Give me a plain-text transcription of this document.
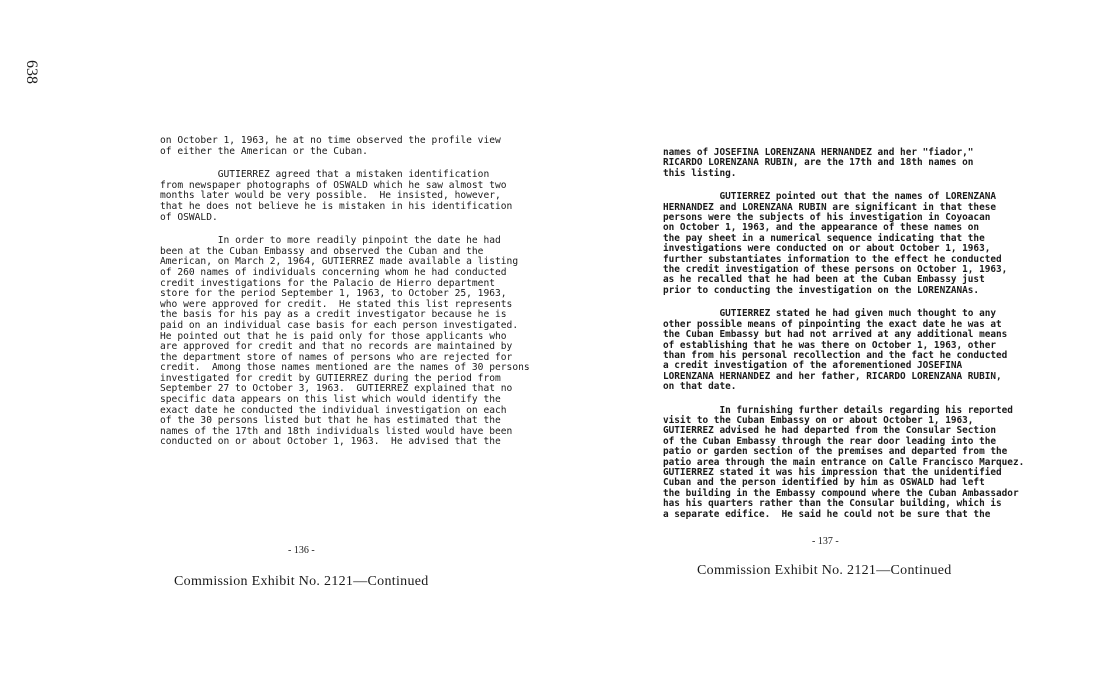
638

on October 1, 1963, he at no time observed the profile view
of either the American or the Cuban.

GUTIERREZ agreed that a mistaken identification
from newspaper photographs of OSWALD which he saw almost two
months later would be very possible.  He insisted, however,
that he does not believe he is mistaken in his identification
of OSWALD.

In order to more readily pinpoint the date he had
been at the Cuban Embassy and observed the Cuban and the
American, on March 2, 1964, GUTIERREZ made available a listing
of 260 names of individuals concerning whom he had conducted
credit investigations for the Palacio de Hierro department
store for the period September 1, 1963, to October 25, 1963,
who were approved for credit.  He stated this list represents
the basis for his pay as a credit investigator because he is
paid on an individual case basis for each person investigated.
He pointed out that he is paid only for those applicants who
are approved for credit and that no records are maintained by
the department store of names of persons who are rejected for
credit.  Among those names mentioned are the names of 30 persons
investigated for credit by GUTIERREZ during the period from
September 27 to October 3, 1963.  GUTIERREZ explained that no
specific data appears on this list which would identify the
exact date he conducted the individual investigation on each
of the 30 persons listed but that he has estimated that the
names of the 17th and 18th individuals listed would have been
conducted on or about October 1, 1963.  He advised that the

- 136 -
Commission Exhibit No. 2121—Continued

names of JOSEFINA LORENZANA HERNANDEZ and her "fiador,"
RICARDO LORENZANA RUBIN, are the 17th and 18th names on
this listing.

GUTIERREZ pointed out that the names of LORENZANA
HERNANDEZ and LORENZANA RUBIN are significant in that these
persons were the subjects of his investigation in Coyoacan
on October 1, 1963, and the appearance of these names on
the pay sheet in a numerical sequence indicating that the
investigations were conducted on or about October 1, 1963,
further substantiates information to the effect he conducted
the credit investigation of these persons on October 1, 1963,
as he recalled that he had been at the Cuban Embassy just
prior to conducting the investigation on the LORENZANAs.

GUTIERREZ stated he had given much thought to any
other possible means of pinpointing the exact date he was at
the Cuban Embassy but had not arrived at any additional means
of establishing that he was there on October 1, 1963, other
than from his personal recollection and the fact he conducted
a credit investigation of the aforementioned JOSEFINA
LORENZANA HERNANDEZ and her father, RICARDO LORENZANA RUBIN,
on that date.

In furnishing further details regarding his reported
visit to the Cuban Embassy on or about October 1, 1963,
GUTIERREZ advised he had departed from the Consular Section
of the Cuban Embassy through the rear door leading into the
patio or garden section of the premises and departed from the
patio area through the main entrance on Calle Francisco Marquez.
GUTIERREZ stated it was his impression that the unidentified
Cuban and the person identified by him as OSWALD had left
the building in the Embassy compound where the Cuban Ambassador
has his quarters rather than the Consular building, which is
a separate edifice.  He said he could not be sure that the

- 137 -
Commission Exhibit No. 2121—Continued
